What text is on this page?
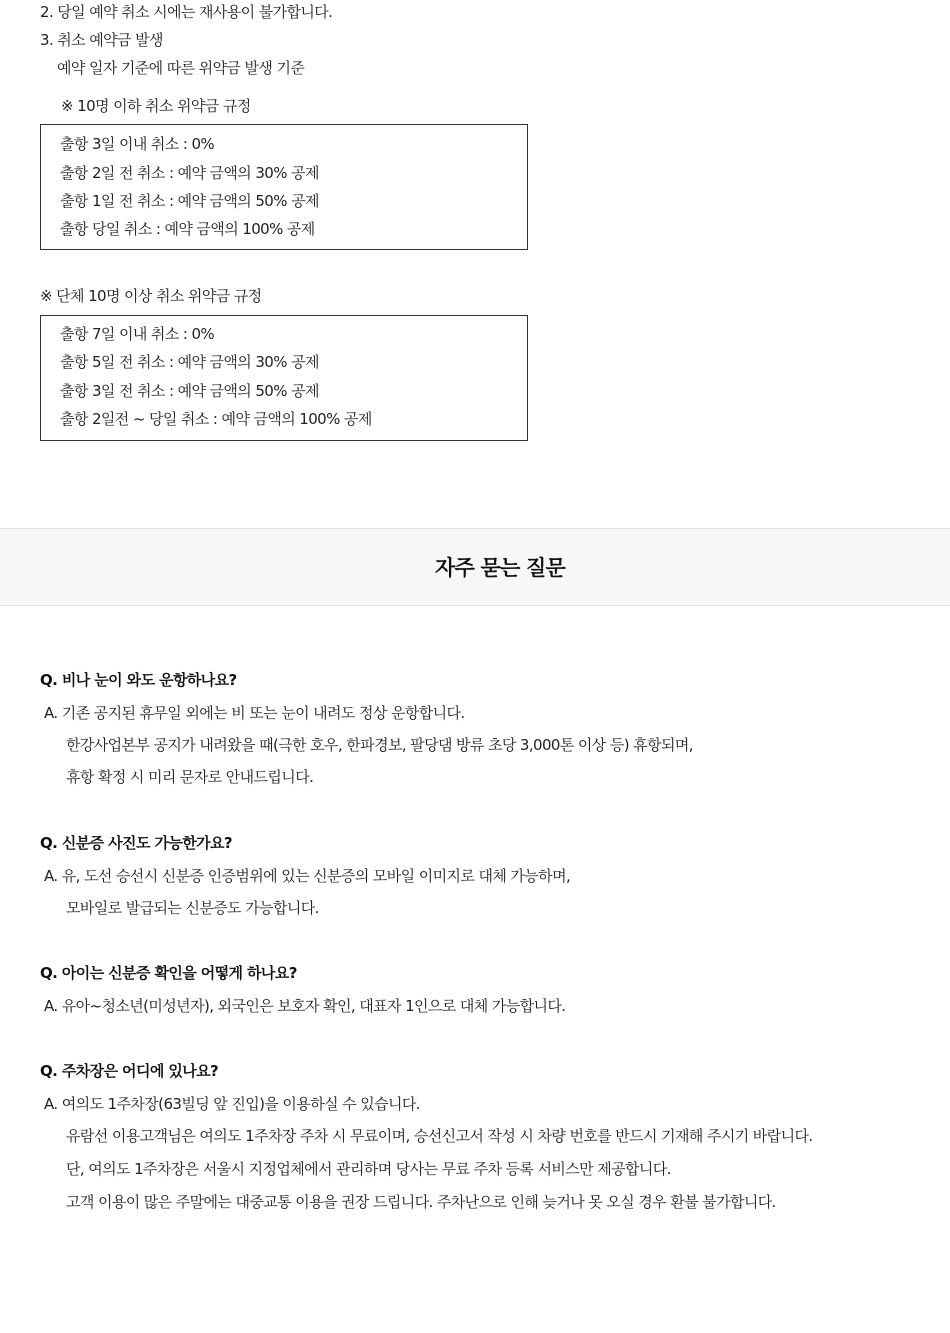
2. 당일 예약 취소 시에는 재사용이 불가합니다.
3. 취소 예약금 발생
예약 일자 기준에 따른 위약금 발생 기준
※ 10명 이하 취소 위약금 규정
출항 3일 이내 취소 : 0%
출항 2일 전 취소 : 예약 금액의 30% 공제
출항 1일 전 취소 : 예약 금액의 50% 공제
출항 당일 취소 : 예약 금액의 100% 공제
※ 단체 10명 이상 취소 위약금 규정
출항 7일 이내 취소 : 0%
출항 5일 전 취소 : 예약 금액의 30% 공제
출항 3일 전 취소 : 예약 금액의 50% 공제
출항 2일전 ~ 당일 취소 : 예약 금액의 100% 공제
자주 묻는 질문
Q. 비나 눈이 와도 운항하나요?
A. 기존 공지된 휴무일 외에는 비 또는 눈이 내려도 정상 운항합니다.
한강사업본부 공지가 내려왔을 때(극한 호우, 한파경보, 팔당댐 방류 초당 3,000톤 이상 등) 휴항되며,
휴항 확정 시 미리 문자로 안내드립니다.
Q. 신분증 사진도 가능한가요?
A. 유, 도선 승선시 신분증 인증범위에 있는 신분증의 모바일 이미지로 대체 가능하며,
모바일로 발급되는 신분증도 가능합니다.
Q. 아이는 신분증 확인을 어떻게 하나요?
A. 유아~청소년(미성년자), 외국인은 보호자 확인, 대표자 1인으로 대체 가능합니다.
Q. 주차장은 어디에 있나요?
A. 여의도 1주차장(63빌딩 앞 진입)을 이용하실 수 있습니다.
유람선 이용고객님은 여의도 1주차장 주차 시 무료이며, 승선신고서 작성 시 차량 번호를 반드시 기재해 주시기 바랍니다.
단, 여의도 1주차장은 서울시 지정업체에서 관리하며 당사는 무료 주차 등록 서비스만 제공합니다.
고객 이용이 많은 주말에는 대중교통 이용을 권장 드립니다. 주차난으로 인해 늦거나 못 오실 경우 환불 불가합니다.
